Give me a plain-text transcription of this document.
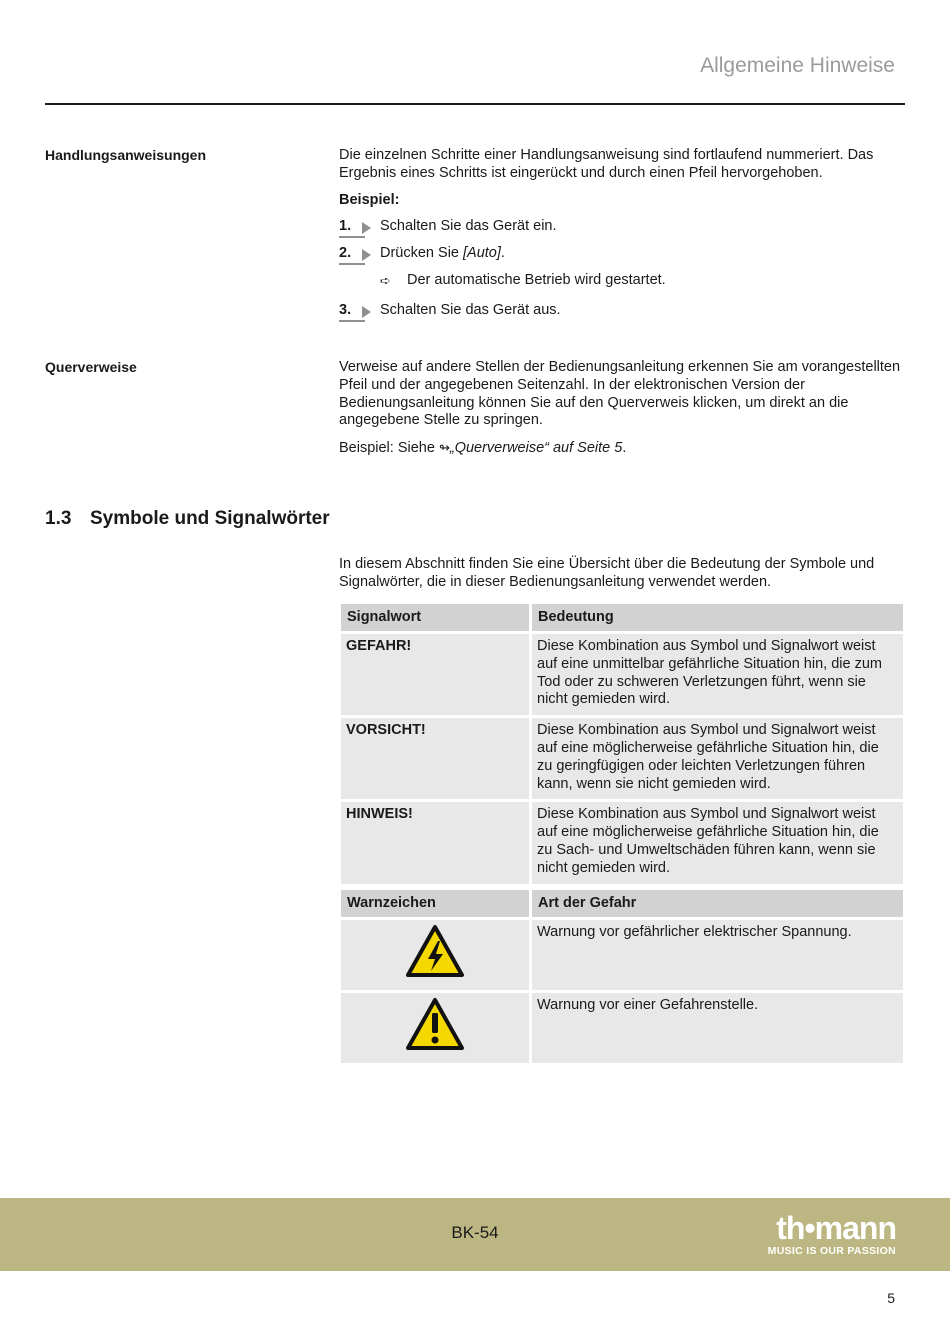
Allgemeine Hinweise
Handlungsanweisungen	Die einzelnen Schritte einer Handlungsanweisung sind fortlaufend nummeriert. Das Ergebnis eines Schritts ist eingerückt und durch einen Pfeil hervorgehoben.

Beispiel:

1.	Schalten Sie das Gerät ein.
2.	Drücken Sie [Auto].
➪ Der automatische Betrieb wird gestartet.
3.	Schalten Sie das Gerät aus.
Querverweise	Verweise auf andere Stellen der Bedienungsanleitung erkennen Sie am vorangestellten Pfeil und der angegebenen Seitenzahl. In der elektronischen Version der Bedienungsanleitung können Sie auf den Querverweis klicken, um direkt an die angegebene Stelle zu springen.

Beispiel: Siehe ↬„Querverweise“ auf Seite 5.

1.3 Symbole und Signalwörter
In diesem Abschnitt finden Sie eine Übersicht über die Bedeutung der Symbole und Signalwörter, die in dieser Bedienungsanleitung verwendet werden.
Signalwort	Bedeutung
GEFAHR!	Diese Kombination aus Symbol und Signalwort weist auf eine unmittelbar gefährliche Situation hin, die zum Tod oder zu schweren Verletzungen führt, wenn sie nicht gemieden wird.
VORSICHT!	Diese Kombination aus Symbol und Signalwort weist auf eine möglicherweise gefährliche Situation hin, die zu geringfügigen oder leichten Verletzungen führen kann, wenn sie nicht gemieden wird.
HINWEIS!	Diese Kombination aus Symbol und Signalwort weist auf eine möglicherweise gefährliche Situation hin, die zu Sach- und Umweltschäden führen kann, wenn sie nicht gemieden wird.
Warnzeichen	Art der Gefahr
	Warnung vor gefährlicher elektrischer Spannung.
	Warnung vor einer Gefahrenstelle.
BK-54	th•mann
MUSIC IS OUR PASSION
5
